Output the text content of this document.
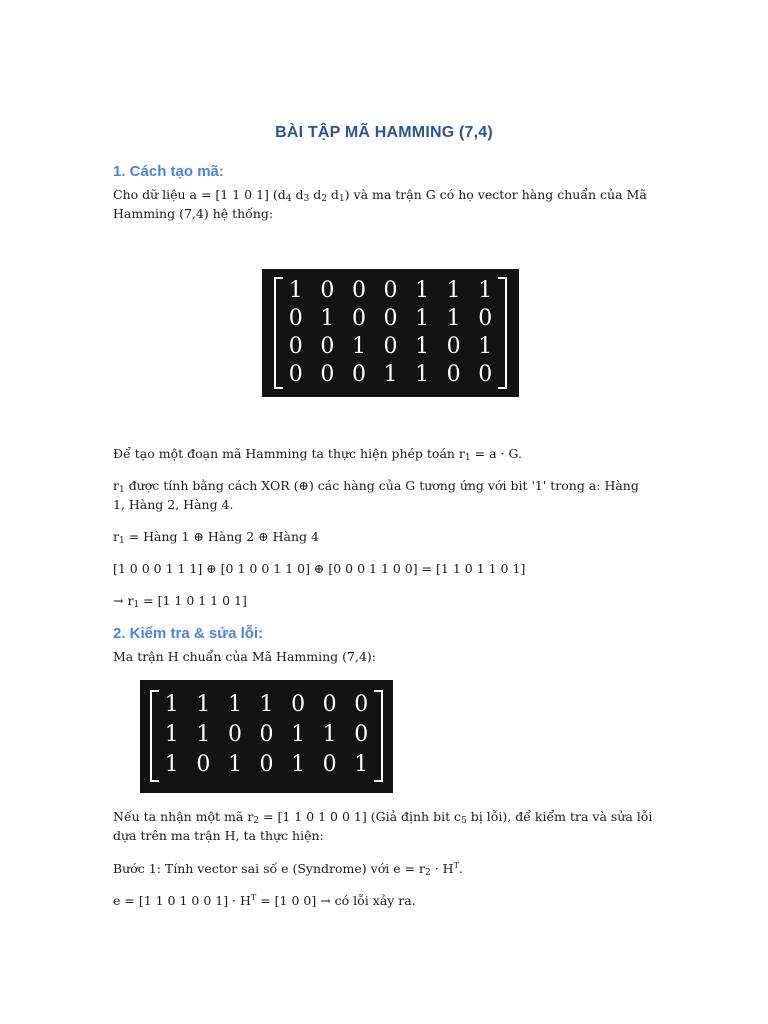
BÀI TẬP MÃ HAMMING (7,4)
1. Cách tạo mã:
Cho dữ liệu a = [1 1 0 1] ($d_4$ $d_3$ $d_2$ $d_1$) và ma trận G có họ vector hàng chuẩn của Mã Hamming (7,4) hệ thống:
1 0 0 0 1 1 1
0 1 0 0 1 1 0
0 0 1 0 1 0 1
0 0 0 1 1 0 0
Để tạo một đoạn mã Hamming ta thực hiện phép toán $r_1 = a \cdot G$.
$r_1$ được tính bằng cách XOR (⊕) các hàng của G tương ứng với bit '1' trong a: Hàng 1, Hàng 2, Hàng 4.
$r_1$ = Hàng 1 ⊕ Hàng 2 ⊕ Hàng 4
[1 0 0 0 1 1 1] ⊕ [0 1 0 0 1 1 0] ⊕ [0 0 0 1 1 0 0] = [1 1 0 1 1 0 1]
→ $r_1 = [1$ 1 0 1 1 0 1]
2. Kiểm tra & sửa lỗi:
Ma trận H chuẩn của Mã Hamming (7,4):
1 1 1 1 0 0 0
1 1 0 0 1 1 0
1 0 1 0 1 0 1
Nếu ta nhận một mã $r_2 = [1$ 1 0 1 0 0 1] (Giả định bit $c_5$ bị lỗi), để kiểm tra và sửa lỗi dựa trên ma trận H, ta thực hiện:
Bước 1: Tính vector sai số e (Syndrome) với $e = r_2 \cdot H^T$.
e = [1 1 0 1 0 0 $1] \cdot H^T = [1$ 0 0] → có lỗi xảy ra.
